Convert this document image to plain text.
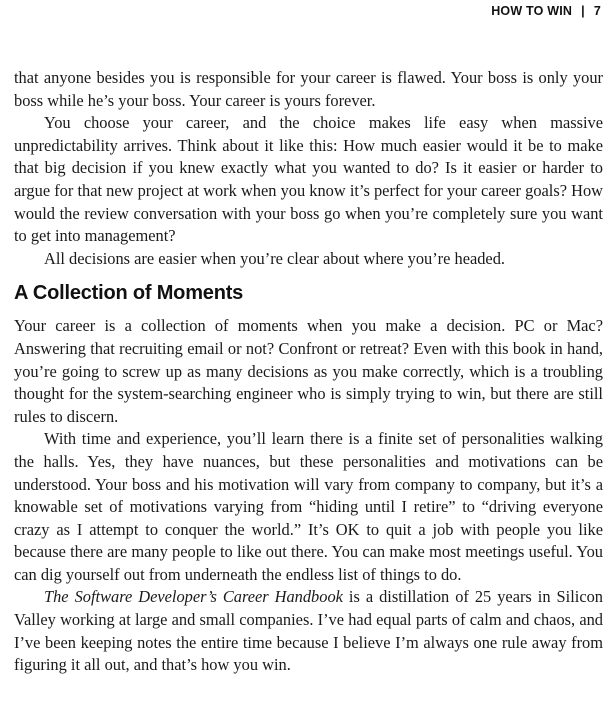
HOW TO WIN | 7

that anyone besides you is responsible for your career is flawed. Your boss is only your boss while he’s your boss. Your career is yours forever.

You choose your career, and the choice makes life easy when massive unpredictability arrives. Think about it like this: How much easier would it be to make that big decision if you knew exactly what you wanted to do? Is it easier or harder to argue for that new project at work when you know it’s perfect for your career goals? How would the review conversation with your boss go when you’re completely sure you want to get into management?

All decisions are easier when you’re clear about where you’re headed.

A Collection of Moments

Your career is a collection of moments when you make a decision. PC or Mac? Answering that recruiting email or not? Confront or retreat? Even with this book in hand, you’re going to screw up as many decisions as you make correctly, which is a troubling thought for the system-searching engineer who is simply trying to win, but there are still rules to discern.

With time and experience, you’ll learn there is a finite set of personalities walking the halls. Yes, they have nuances, but these personalities and motivations can be understood. Your boss and his motivation will vary from company to company, but it’s a knowable set of motivations varying from “hiding until I retire” to “driving everyone crazy as I attempt to conquer the world.” It’s OK to quit a job with people you like because there are many people to like out there. You can make most meetings useful. You can dig yourself out from underneath the endless list of things to do.

The Software Developer’s Career Handbook is a distillation of 25 years in Silicon Valley working at large and small companies. I’ve had equal parts of calm and chaos, and I’ve been keeping notes the entire time because I believe I’m always one rule away from figuring it all out, and that’s how you win.
